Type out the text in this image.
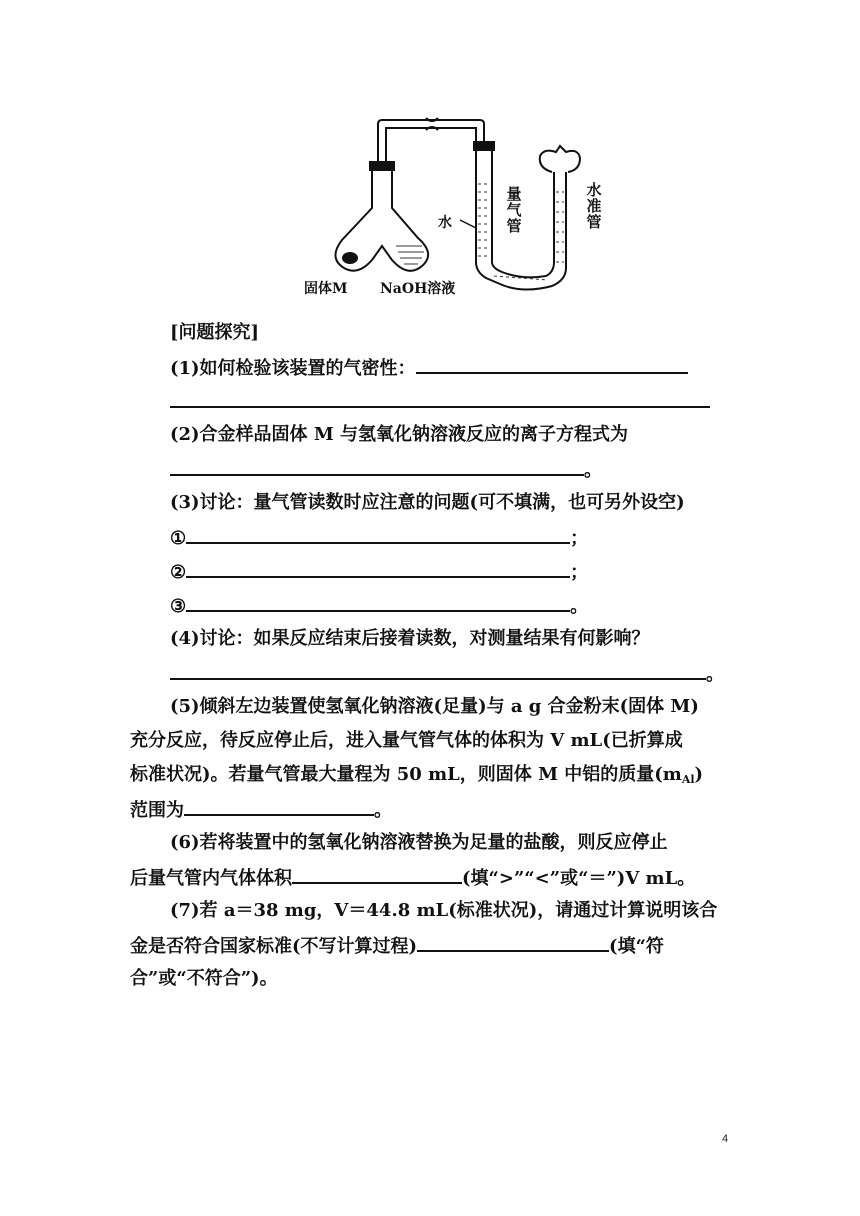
固体M NaOH溶液
水
量气管
水准管
[问题探究]
(1)如何检验该装置的气密性：
(2)合金样品固体 M 与氢氧化钠溶液反应的离子方程式为
。
(3)讨论：量气管读数时应注意的问题(可不填满，也可另外设空)
①	；
②	；
③	。
(4)讨论：如果反应结束后接着读数，对测量结果有何影响？
。
(5)倾斜左边装置使氢氧化钠溶液(足量)与 a g 合金粉末(固体 M)
充分反应，待反应停止后，进入量气管气体的体积为 V mL(已折算成
标准状况)。若量气管最大量程为 50 mL，则固体 M 中铝的质量$(m_{Al})$
范围为	。
(6)若将装置中的氢氧化钠溶液替换为足量的盐酸，则反应停止
后量气管内气体体积	(填“>”“<”或“＝”)V mL。
(7)若 a＝38 mg，V＝44.8 mL(标准状况)，请通过计算说明该合
金是否符合国家标准(不写计算过程)	(填“符
合”或“不符合”)。
4
